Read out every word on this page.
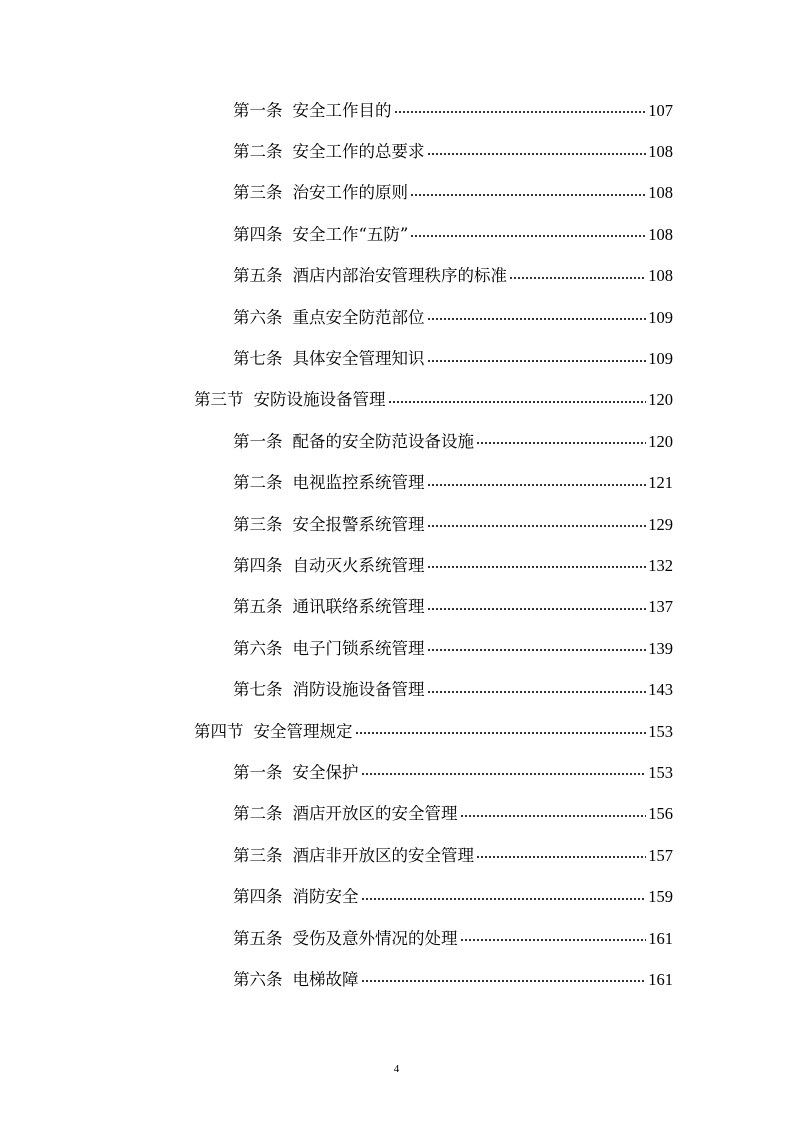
第一条 安全工作目的	107
第二条 安全工作的总要求	108
第三条 治安工作的原则	108
第四条 安全工作“五防”	108
第五条 酒店内部治安管理秩序的标准	108
第六条 重点安全防范部位	109
第七条 具体安全管理知识	109
第三节 安防设施设备管理	120
第一条 配备的安全防范设备设施	120
第二条 电视监控系统管理	121
第三条 安全报警系统管理	129
第四条 自动灭火系统管理	132
第五条 通讯联络系统管理	137
第六条 电子门锁系统管理	139
第七条 消防设施设备管理	143
第四节 安全管理规定	153
第一条 安全保护	153
第二条 酒店开放区的安全管理	156
第三条 酒店非开放区的安全管理	157
第四条 消防安全	159
第五条 受伤及意外情况的处理	161
第六条 电梯故障	161
4
